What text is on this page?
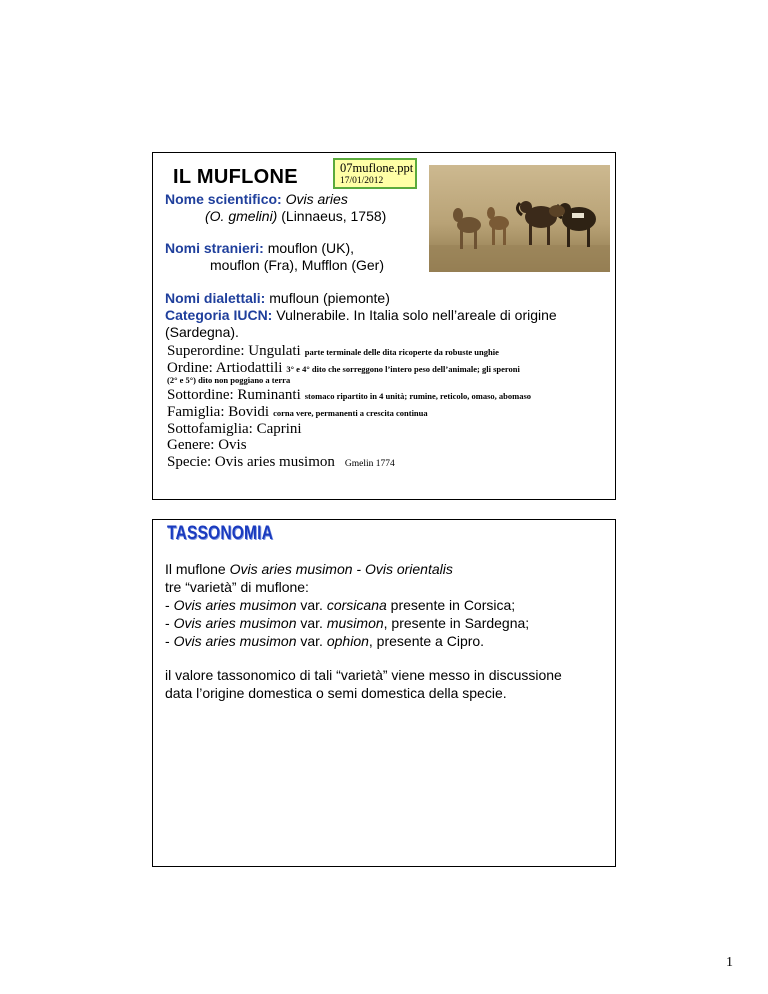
IL MUFLONE	07muflone.ppt
17/01/2012
Nome scientifico: Ovis aries
(O. gmelini) (Linnaeus, 1758)
Nomi stranieri: mouflon (UK),
mouflon (Fra), Mufflon (Ger)
Nomi dialettali: mufloun (piemonte)
Categoria IUCN: Vulnerabile. In Italia solo nell’areale di origine
(Sardegna).
Superordine: Ungulati parte terminale delle dita ricoperte da robuste unghie
Ordine: Artiodattili 3° e 4° dito che sorreggono l’intero peso dell’animale; gli speroni
(2° e 5°) dito non poggiano a terra
Sottordine: Ruminanti stomaco ripartito in 4 unità; rumine, reticolo, omaso, abomaso
Famiglia: Bovidi corna vere, permanenti a crescita continua
Sottofamiglia: Caprini
Genere: Ovis
Specie: Ovis aries musimon Gmelin 1774
TASSONOMIA
Il muflone Ovis aries musimon - Ovis orientalis
tre “varietà” di muflone:
- Ovis aries musimon var. corsicana presente in Corsica;
- Ovis aries musimon var. musimon, presente in Sardegna;
- Ovis aries musimon var. ophion, presente a Cipro.
il valore tassonomico di tali “varietà” viene messo in discussione
data l’origine domestica o semi domestica della specie.
1
